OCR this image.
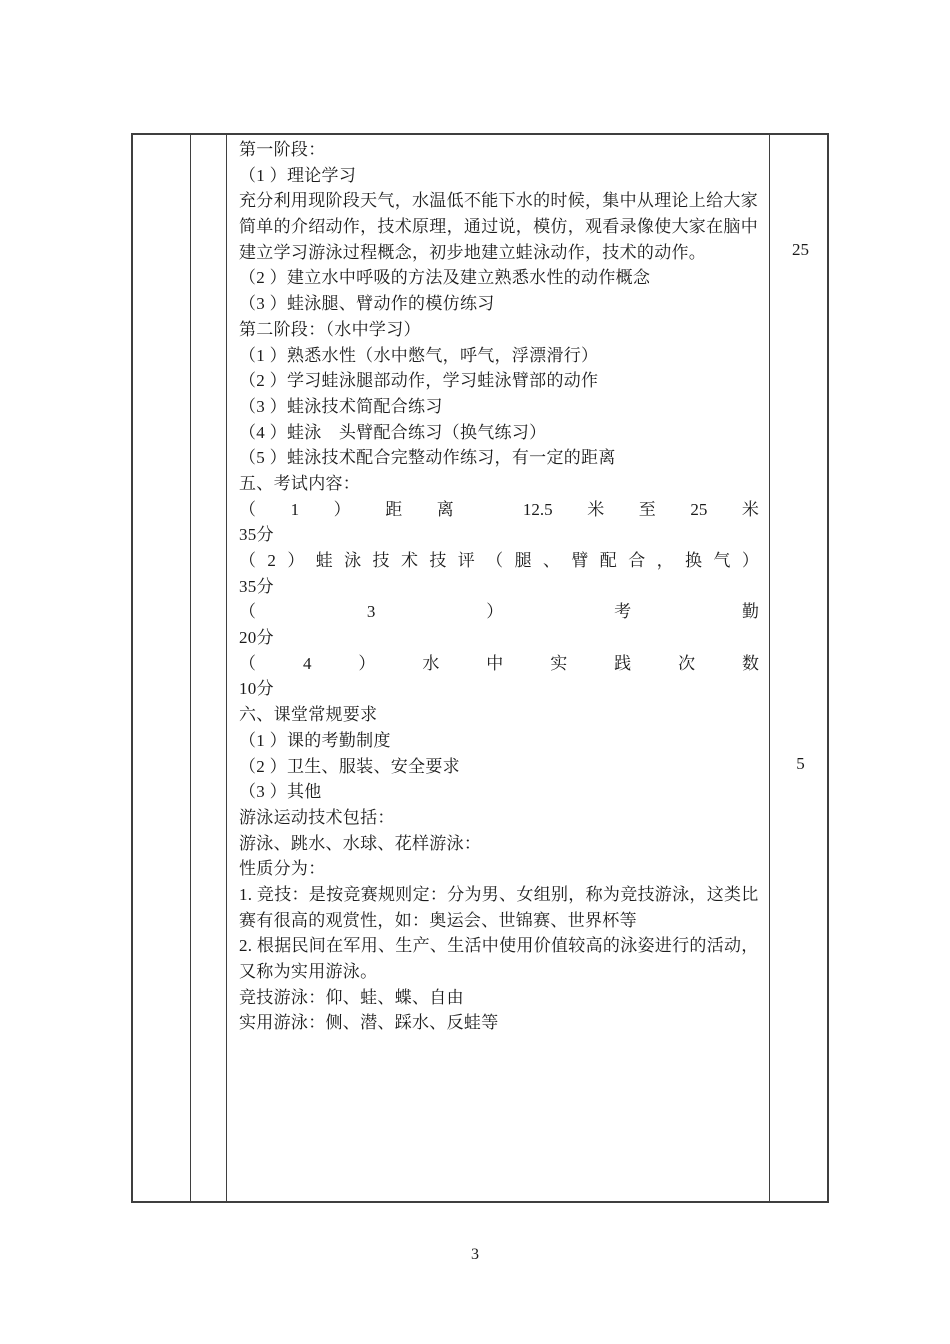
第一阶段：
（1 ）理论学习
充分利用现阶段天气，水温低不能下水的时候，集中从理论上给大家
简单的介绍动作，技术原理，通过说，模仿，观看录像使大家在脑中
建立学习游泳过程概念，初步地建立蛙泳动作，技术的动作。
（2 ）建立水中呼吸的方法及建立熟悉水性的动作概念
（3 ）蛙泳腿、臂动作的模仿练习
第二阶段：（水中学习）
（1 ）熟悉水性（水中憋气，呼气，浮漂滑行）
（2 ）学习蛙泳腿部动作，学习蛙泳臂部的动作
（3 ）蛙泳技术简配合练习
（4 ）蛙泳　头臂配合练习（换气练习）
（5 ）蛙泳技术配合完整动作练习，有一定的距离
五、考试内容：
（ 1 ） 距 离	12.5 米 至 25 米
35分
（ 2 ） 蛙 泳 技 术 技 评 （ 腿 、 臂 配 合 ， 换 气 ）
35分
（	3	）	考	勤
20分
（	4	）	水	中	实	践	次	数
10分
六、课堂常规要求
（1 ）课的考勤制度
（2 ）卫生、服装、安全要求
（3 ）其他
游泳运动技术包括：
游泳、跳水、水球、花样游泳：
性质分为：
1. 竞技：是按竞赛规则定：分为男、女组别，称为竞技游泳，这类比
赛有很高的观赏性，如：奥运会、世锦赛、世界杯等
2. 根据民间在军用、生产、生活中使用价值较高的泳姿进行的活动，
又称为实用游泳。
竞技游泳：仰、蛙、蝶、自由
实用游泳：侧、潜、踩水、反蛙等
25
5
3
